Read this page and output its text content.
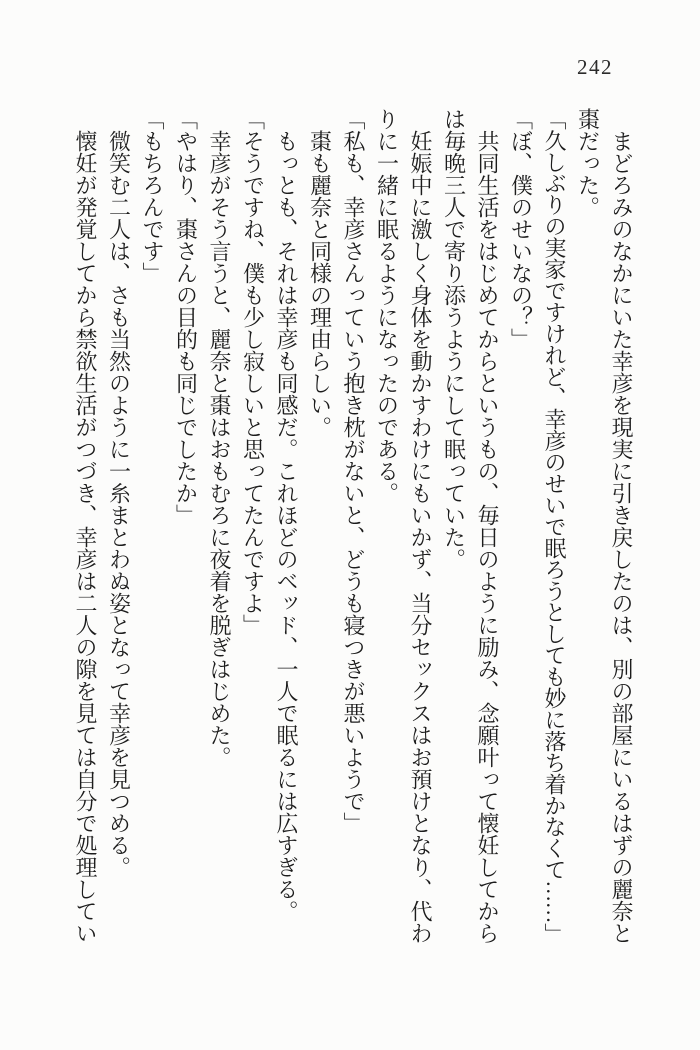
242

まどろみのなかにいた幸彦を現実に引き戻したのは、別の部屋にいるはずの麗奈と棗だった。

「久しぶりの実家ですけれど、幸彦のせいで眠ろうとしても妙に落ち着かなくて……」

「ぼ、僕のせいなの？」

共同生活をはじめてからというもの、毎日のように励み、念願叶って懐妊してからは毎晩三人で寄り添うようにして眠っていた。

妊娠中に激しく身体を動かすわけにもいかず、当分セックスはお預けとなり、代わりに一緒に眠るようになったのである。

「私も、幸彦さんっていう抱き枕がないと、どうも寝つきが悪いようで」

棗も麗奈と同様の理由らしい。

もっとも、それは幸彦も同感だ。これほどのベッド、一人で眠るには広すぎる。

「そうですね、僕も少し寂しいと思ってたんですよ」

幸彦がそう言うと、麗奈と棗はおもむろに夜着を脱ぎはじめた。

「やはり、棗さんの目的も同じでしたか」

「もちろんです」

微笑む二人は、さも当然のように一糸まとわぬ姿となって幸彦を見つめる。

懐妊が発覚してから禁欲生活がつづき、幸彦は二人の隙を見ては自分で処理してい
